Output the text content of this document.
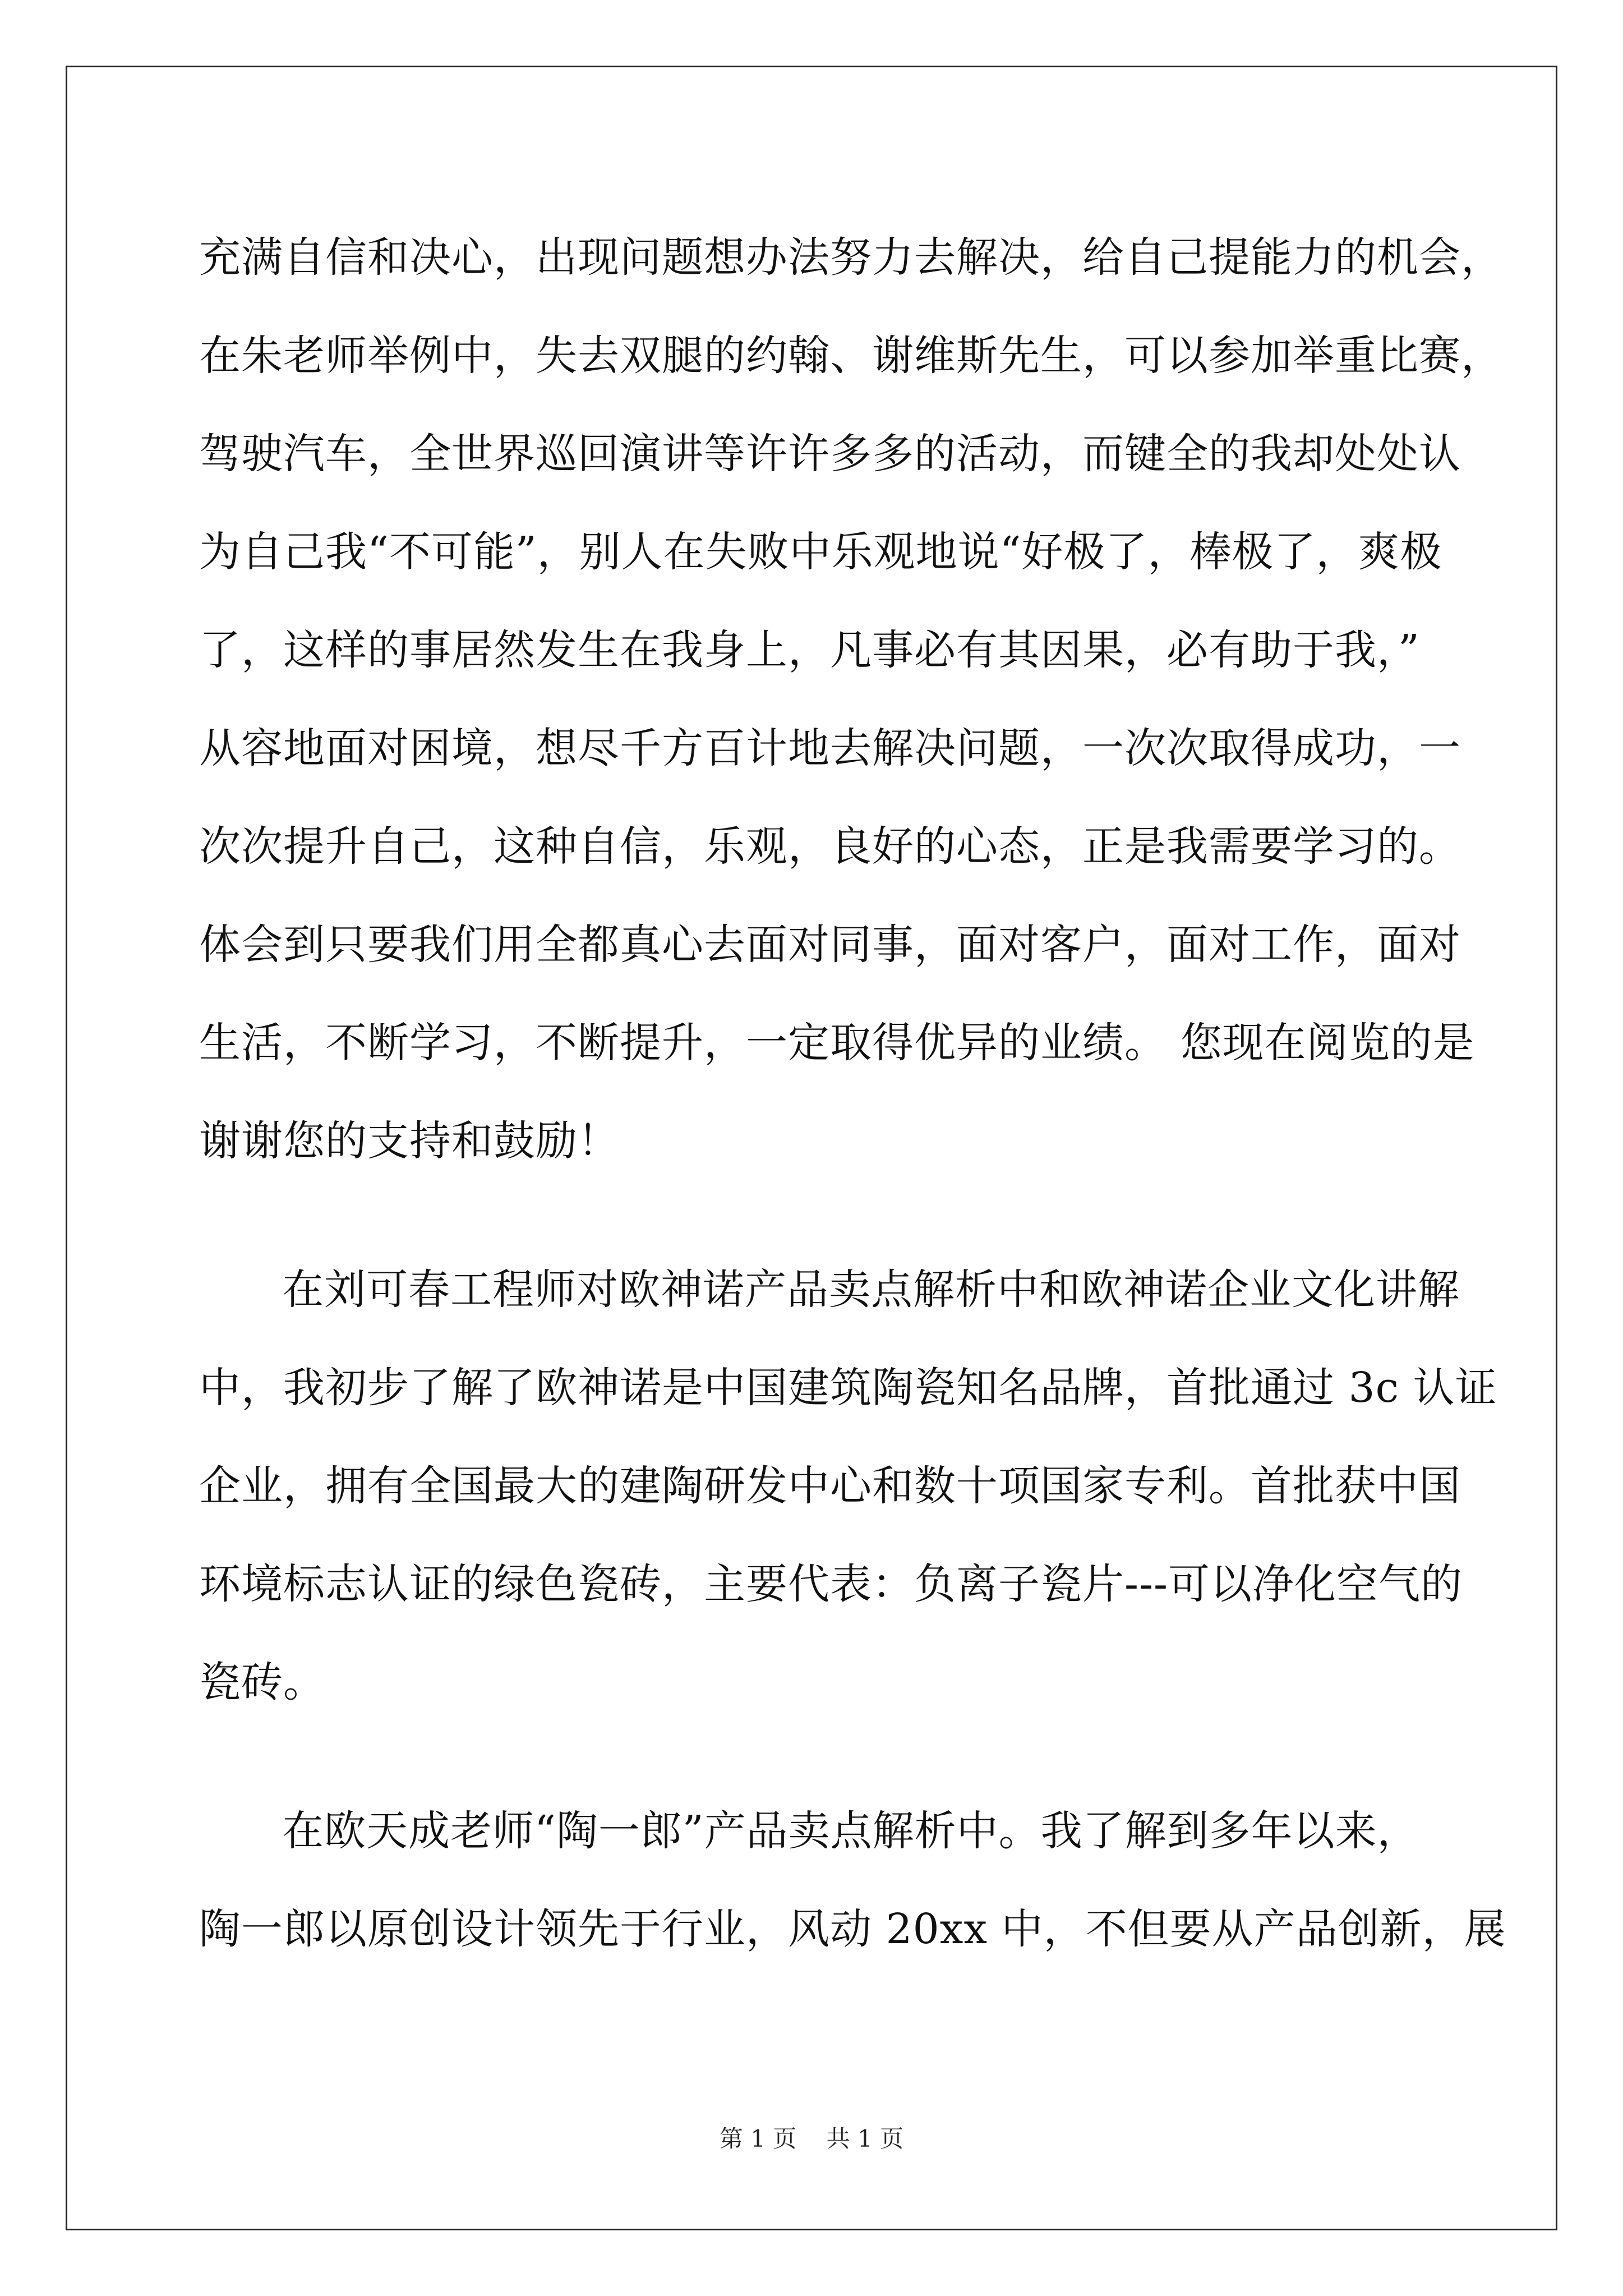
充满自信和决心，出现问题想办法努力去解决，给自己提能力的机会，
在朱老师举例中，失去双腿的约翰、谢维斯先生，可以参加举重比赛，
驾驶汽车，全世界巡回演讲等许许多多的活动，而键全的我却处处认
为自己我“不可能”，别人在失败中乐观地说“好极了，棒极了，爽极
了，这样的事居然发生在我身上，凡事必有其因果，必有助于我，”
从容地面对困境，想尽千方百计地去解决问题，一次次取得成功，一
次次提升自己，这种自信，乐观，良好的心态，正是我需要学习的。
体会到只要我们用全都真心去面对同事，面对客户，面对工作，面对
生活，不断学习，不断提升，一定取得优异的业绩。 您现在阅览的是
谢谢您的支持和鼓励！
在刘可春工程师对欧神诺产品卖点解析中和欧神诺企业文化讲解
中，我初步了解了欧神诺是中国建筑陶瓷知名品牌，首批通过 3c 认证
企业，拥有全国最大的建陶研发中心和数十项国家专利。首批获中国
环境标志认证的绿色瓷砖，主要代表：负离子瓷片---可以净化空气的
瓷砖。
在欧天成老师“陶一郎”产品卖点解析中。我了解到多年以来，
陶一郎以原创设计领先于行业，风动 20xx 中，不但要从产品创新，展
第 1 页 共 1 页
